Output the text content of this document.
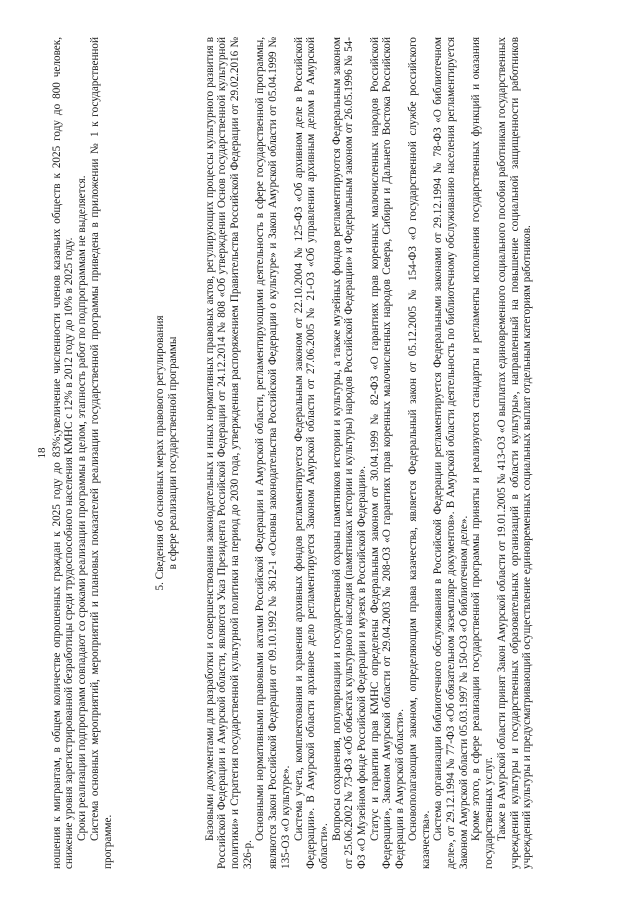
18 ношения к мигрантам, в общем количестве опрошенных граждан к 2025 году до 83%;увеличение численности членов казачьих обществ к 2025 году до 800 человек, снижение уровня зарегистрированной безработицы среди трудоспособного населения КМНС с 12% в 2012 году до 10% в 2025 году. Сроки реализации подпрограмм совпадают со сроками реализации программы в целом, этапность работ по подпрограммам не выделяется. Система основных мероприятий, мероприятий и плановых показателей реализации государственной программы приведена в приложении № 1 к государственной программе.

5. Сведения об основных мерах правового регулирования в сфере реализации государственной программы Базовыми документами для разработки и совершенствования законодательных и иных нормативных правовых актов, регулирующих процессы культурного развития в Российской Федерации и Амурской области, являются Указ Президента Российской Федерации от 24.12.2014 № 808 «Об утверждении Основ государственной культурной политики» и Стратегия государственной культурной политики на период до 2030 года, утвержденная распоряжением Правительства Российской Федерации от 29.02.2016 № 326-р.

Основными нормативными правовыми актами Российской Федерации и Амурской области, регламентирующими деятельность в сфере государственной программы, являются Закон Российской Федерации от 09.10.1992 № 3612-1 «Основы законодательства Российской Федерации о культуре» и Закон Амурской области от 05.04.1999 № 135-ОЗ «О культуре». Система учета, комплектования и хранения архивных фондов регламентируется Федеральным законом от 22.10.2004 № 125-ФЗ «Об архивном деле в Российской Федерации». В Амурской области архивное дело регламентируется Законом Амурской области от 27.06.2005 № 21-ОЗ «Об управлении архивным делом в Амурской области».

Вопросы сохранения, популяризации и государственной охраны памятников истории и культуры, а также музейных фондов регламентируются Федеральным законом от 25.06.2002 № 73-ФЗ «Об объектах культурного наследия (памятниках истории и культуры) народов Российской Федерации» и Федеральным законом от 26.05.1996 № 54-ФЗ «О Музейном фонде Российской Федерации и музеях в Российской Федерации». Статус и гарантии прав КМНС определены Федеральным законом от 30.04.1999 № 82-ФЗ «О гарантиях прав коренных малочисленных народов Российской Федерации», Законом Амурской области от 29.04.2003 № 208-ОЗ «О гарантиях прав коренных малочисленных народов Севера, Сибири и Дальнего Востока Российской Федерации в Амурской области». Основополагающим законом, определяющим права казачества, является Федеральный закон от 05.12.2005 № 154-ФЗ «О государственной службе российского казачества». Система организации библиотечного обслуживания в Российской Федерации регламентируется Федеральными законами от 29.12.1994 № 78-ФЗ «О библиотечном деле», от 29.12.1994 № 77-ФЗ «Об обязательном экземпляре документов». В Амурской области деятельность по библиотечному обслуживанию населения регламентируется Законом Амурской области 05.03.1997 № 150-ОЗ «О библиотечном деле». Кроме этого, в сфере реализации государственной программы приняты и реализуются стандарты и регламенты исполнения государственных функций и оказания государственных услуг. Также в Амурской области принят Закон Амурской области от 19.01.2005 № 413-ОЗ «О выплатах единовременного социального пособия работникам государственных учреждений культуры и государственных образовательных организаций в области культуры», направленный на повышение социальной защищенности работников учреждений культуры и предусматривающий осуществление единовременных социальных выплат отдельным категориям работников.
